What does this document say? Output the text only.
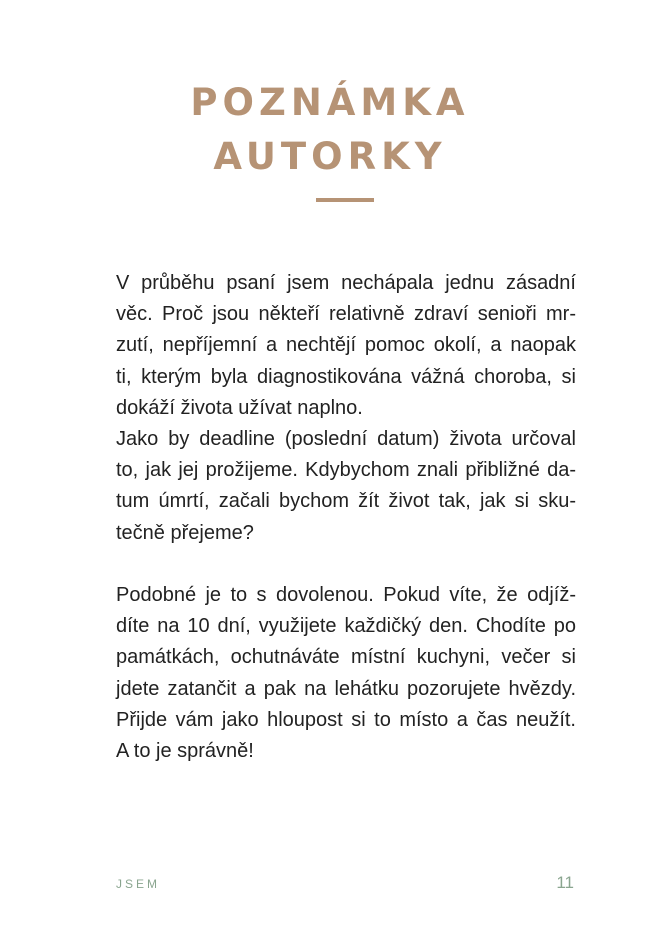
POZNÁMKA
AUTORKY
V průběhu psaní jsem nechápala jednu zásadní
věc. Proč jsou někteří relativně zdraví senioři mr-
zutí, nepříjemní a nechtějí pomoc okolí, a naopak
ti, kterým byla diagnostikována vážná choroba, si
dokáží života užívat naplno.
Jako by deadline (poslední datum) života určoval
to, jak jej prožijeme. Kdybychom znali přibližné da-
tum úmrtí, začali bychom žít život tak, jak si sku-
tečně přejeme?
Podobné je to s dovolenou. Pokud víte, že odjíž-
díte na 10 dní, využijete každičký den. Chodíte po
památkách, ochutnáváte místní kuchyni, večer si
jdete zatančit a pak na lehátku pozorujete hvězdy.
Přijde vám jako hloupost si to místo a čas neužít.
A to je správně!
JSEM	11
